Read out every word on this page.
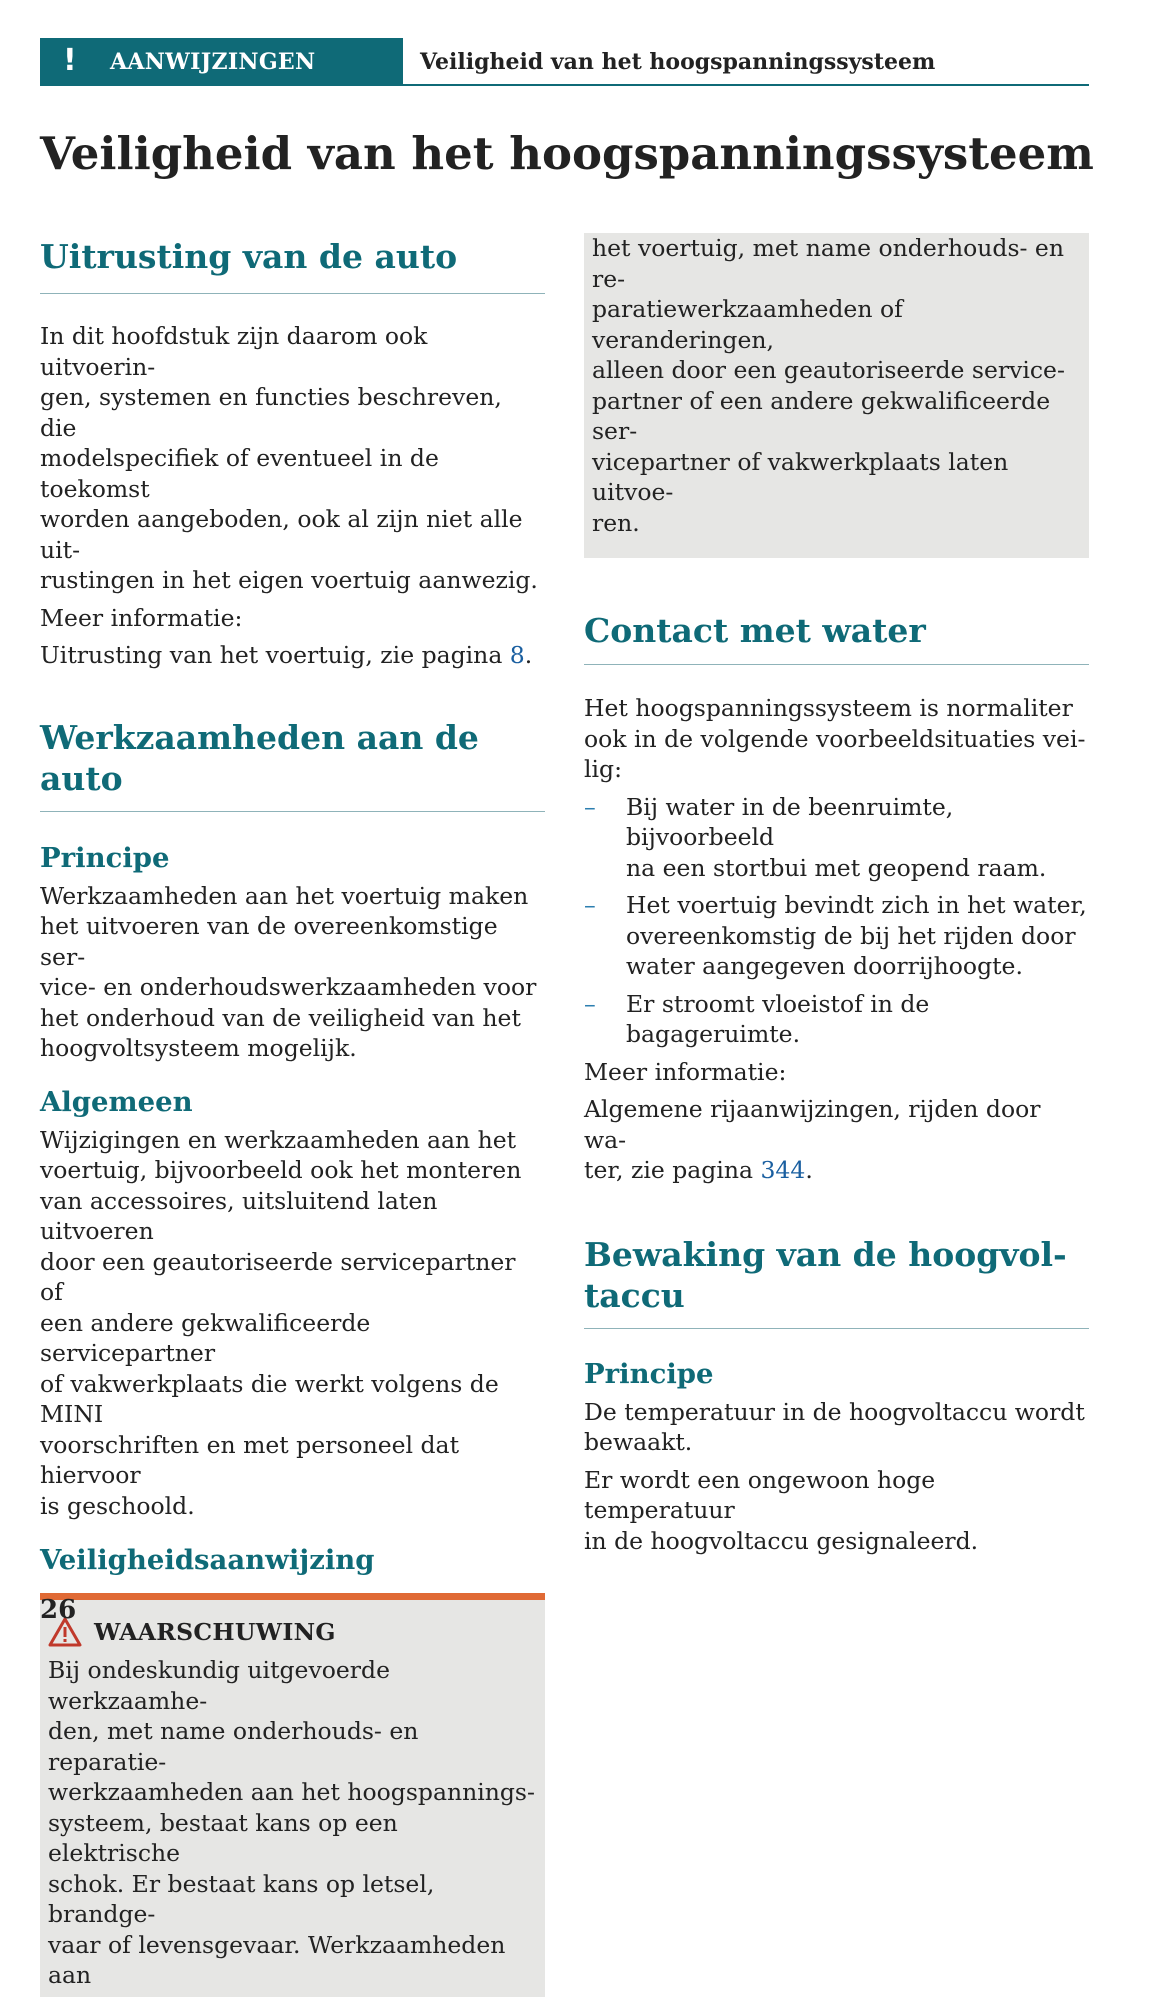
! AANWIJZINGEN	Veiligheid van het hoogspanningssysteem
Veiligheid van het hoogspanningssysteem
Uitrusting van de auto
In dit hoofdstuk zijn daarom ook uitvoerin-
gen, systemen en functies beschreven, die
modelspecifiek of eventueel in de toekomst
worden aangeboden, ook al zijn niet alle uit-
rustingen in het eigen voertuig aanwezig.
Meer informatie:
Uitrusting van het voertuig, zie pagina 8.
Werkzaamheden aan de auto
Principe
Werkzaamheden aan het voertuig maken
het uitvoeren van de overeenkomstige ser-
vice- en onderhoudswerkzaamheden voor
het onderhoud van de veiligheid van het
hoogvoltsysteem mogelijk.
Algemeen
Wijzigingen en werkzaamheden aan het
voertuig, bijvoorbeeld ook het monteren
van accessoires, uitsluitend laten uitvoeren
door een geautoriseerde servicepartner of
een andere gekwalificeerde servicepartner
of vakwerkplaats die werkt volgens de MINI
voorschriften en met personeel dat hiervoor
is geschoold.
Veiligheidsaanwijzing
WAARSCHUWING
Bij ondeskundig uitgevoerde werkzaamhe-
den, met name onderhouds- en reparatie-
werkzaamheden aan het hoogspannings-
systeem, bestaat kans op een elektrische
schok. Er bestaat kans op letsel, brandge-
vaar of levensgevaar. Werkzaamheden aan
het voertuig, met name onderhouds- en re-
paratiewerkzaamheden of veranderingen,
alleen door een geautoriseerde service-
partner of een andere gekwalificeerde ser-
vicepartner of vakwerkplaats laten uitvoe-
ren.
Contact met water
Het hoogspanningssysteem is normaliter
ook in de volgende voorbeeldsituaties vei-
lig:
–	Bij water in de beenruimte, bijvoorbeeld
na een stortbui met geopend raam.
–	Het voertuig bevindt zich in het water,
overeenkomstig de bij het rijden door
water aangegeven doorrijhoogte.
–	Er stroomt vloeistof in de bagageruimte.
Meer informatie:
Algemene rijaanwijzingen, rijden door wa-
ter, zie pagina 344.
Bewaking van de hoogvol-
taccu
Principe
De temperatuur in de hoogvoltaccu wordt
bewaakt.
Er wordt een ongewoon hoge temperatuur
in de hoogvoltaccu gesignaleerd.
26
